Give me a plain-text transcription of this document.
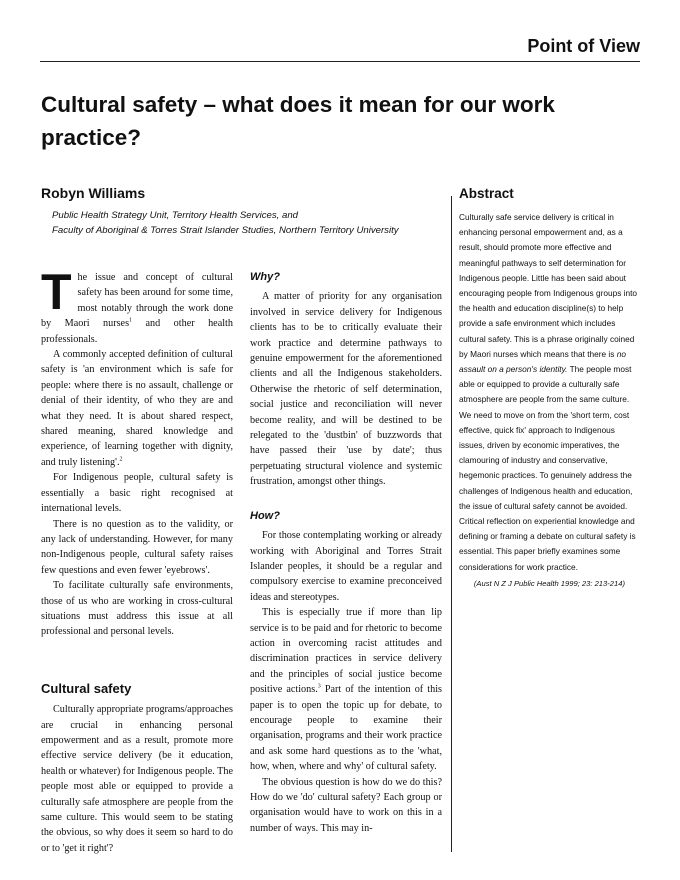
Point of View
Cultural safety – what does it mean for our work practice?
Robyn Williams
Public Health Strategy Unit, Territory Health Services, and
Faculty of Aboriginal & Torres Strait Islander Studies, Northern Territory University

The issue and concept of cultural safety has been around for some time, most notably through the work done by Maori nurses$^1$ and other health professionals.

A commonly accepted definition of cultural safety is 'an environment which is safe for people: where there is no assault, challenge or denial of their identity, of who they are and what they need. It is about shared respect, shared meaning, shared knowledge and experience, of learning together with dignity, and truly listening'.$^2$

For Indigenous people, cultural safety is essentially a basic right recognised at international levels.

There is no question as to the validity, or any lack of understanding. However, for many non-Indigenous people, cultural safety raises few questions and even fewer 'eyebrows'.

To facilitate culturally safe environments, those of us who are working in cross-cultural situations must address this issue at all professional and personal levels.

Cultural safety

Culturally appropriate programs/approaches are crucial in enhancing personal empowerment and as a result, promote more effective service delivery (be it education, health or whatever) for Indigenous people. The people most able or equipped to provide a culturally safe atmosphere are people from the same culture. This would seem to be stating the obvious, so why does it seem so hard to do or to 'get it right'?

Why?

A matter of priority for any organisation involved in service delivery for Indigenous clients has to be to critically evaluate their work practice and determine pathways to genuine empowerment for the aforementioned clients and all the Indigenous stakeholders. Otherwise the rhetoric of self determination, social justice and reconciliation will never become reality, and will be destined to be relegated to the 'dustbin' of buzzwords that have passed their 'use by date'; thus perpetuating structural violence and systemic frustration, amongst other things.

How?

For those contemplating working or already working with Aboriginal and Torres Strait Islander peoples, it should be a regular and compulsory exercise to examine preconceived ideas and stereotypes.

This is especially true if more than lip service is to be paid and for rhetoric to become action in overcoming racist attitudes and discrimination practices in service delivery and the principles of social justice become positive actions.$^3$ Part of the intention of this paper is to open the topic up for debate, to encourage people to examine their organisation, programs and their work practice and ask some hard questions as to the 'what, how, when, where and why' of cultural safety.

The obvious question is how do we do this? How do we 'do' cultural safety? Each group or organisation would have to work on this in a number of ways. This may in-

Abstract

Culturally safe service delivery is critical in enhancing personal empowerment and, as a result, should promote more effective and meaningful pathways to self determination for Indigenous people. Little has been said about encouraging people from Indigenous groups into the health and education discipline(s) to help provide a safe environment which includes cultural safety. This is a phrase originally coined by Maori nurses which means that there is no assault on a person's identity. The people most able or equipped to provide a culturally safe atmosphere are people from the same culture. We need to move on from the 'short term, cost effective, quick fix' approach to Indigenous issues, driven by economic imperatives, the clamouring of industry and conservative, hegemonic practices. To genuinely address the challenges of Indigenous health and education, the issue of cultural safety cannot be avoided. Critical reflection on experiential knowledge and defining or framing a debate on cultural safety is essential. This paper briefly examines some considerations for work practice.

(Aust N Z J Public Health 1999; 23: 213-214)
